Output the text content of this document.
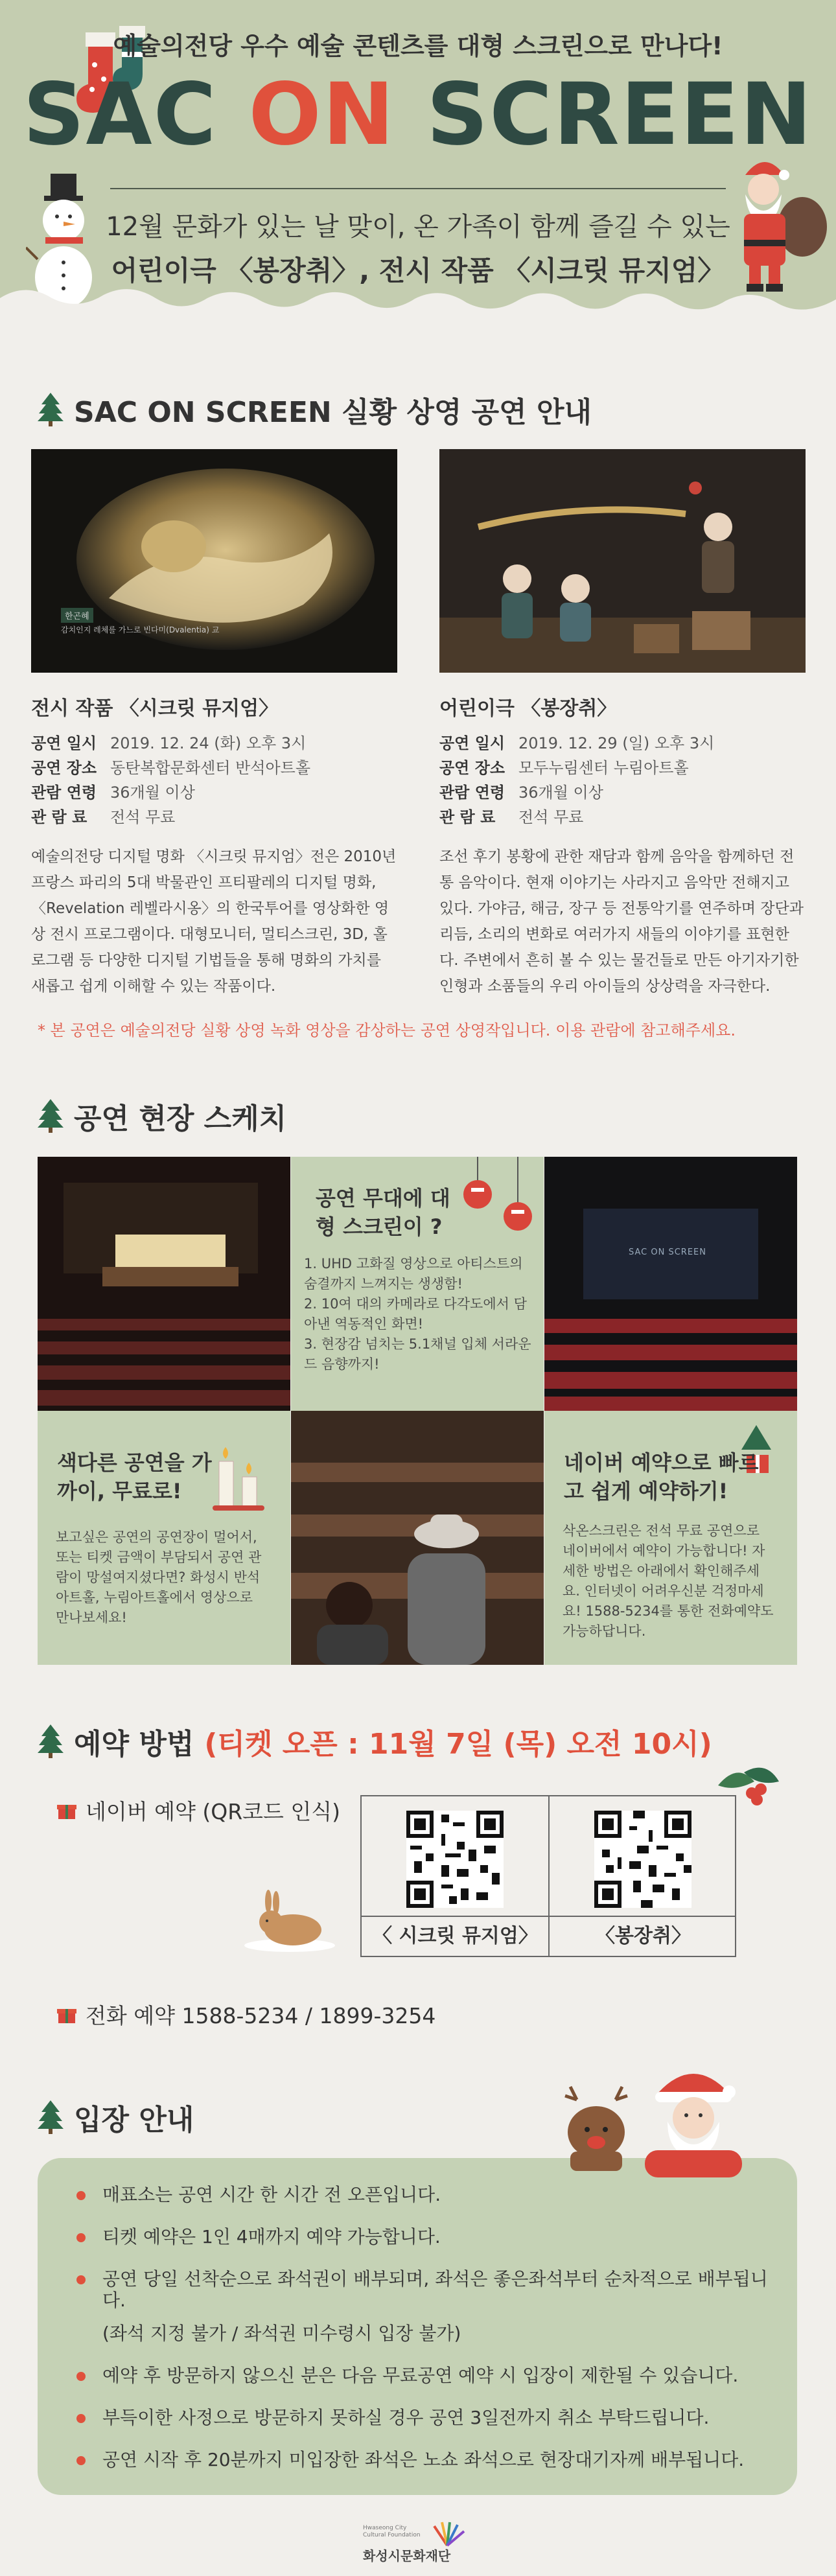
예술의전당 우수 예술 콘텐츠를 대형 스크린으로 만나다!
SAC ON SCREEN
12월 문화가 있는 날 맞이, 온 가족이 함께 즐길 수 있는
어린이극 〈봉장취〉, 전시 작품 〈시크릿 뮤지엄〉
SAC ON SCREEN 실황 상영 공연 안내
한곤혜
감치인지 레체를 가느로 빈다미(Dvalentia) 교
전시 작품 〈시크릿 뮤지엄〉
공연 일시 2019. 12. 24 (화) 오후 3시
공연 장소 동탄복합문화센터 반석아트홀
관람 연령 36개월 이상
관 람 료 전석 무료
예술의전당 디지털 명화 〈시크릿 뮤지엄〉전은 2010년 프랑스 파리의 5대 박물관인 프티팔레의 디지털 명화, 〈Revelation 레벨라시옹〉의 한국투어를 영상화한 영상 전시 프로그램이다. 대형모니터, 멀티스크린, 3D, 홀로그램 등 다양한 디지털 기법들을 통해 명화의 가치를 새롭고 쉽게 이해할 수 있는 작품이다.
어린이극 〈봉장취〉
공연 일시 2019. 12. 29 (일) 오후 3시
공연 장소 모두누림센터 누림아트홀
관람 연령 36개월 이상
관 람 료 전석 무료
조선 후기 봉황에 관한 재담과 함께 음악을 함께하던 전통 음악이다. 현재 이야기는 사라지고 음악만 전해지고 있다. 가야금, 해금, 장구 등 전통악기를 연주하며 장단과 리듬, 소리의 변화로 여러가지 새들의 이야기를 표현한다. 주변에서 흔히 볼 수 있는 물건들로 만든 아기자기한 인형과 소품들의 우리 아이들의 상상력을 자극한다.
* 본 공연은 예술의전당 실황 상영 녹화 영상을 감상하는 공연 상영작입니다. 이용 관람에 참고해주세요.
공연 현장 스케치
공연 무대에 대형 스크린이 ?
1. UHD 고화질 영상으로 아티스트의 숨결까지 느껴지는 생생함!
2. 10여 대의 카메라로 다각도에서 담아낸 역동적인 화면!
3. 현장감 넘치는 5.1채널 입체 서라운드 음향까지!
SAC ON SCREEN
색다른 공연을 가까이, 무료로!
보고싶은 공연의 공연장이 멀어서, 또는 티켓 금액이 부담되서 공연 관람이 망설여지셨다면? 화성시 반석아트홀, 누림아트홀에서 영상으로 만나보세요!
네이버 예약으로 빠르고 쉽게 예약하기!
삭온스크린은 전석 무료 공연으로 네이버에서 예약이 가능합니다! 자세한 방법은 아래에서 확인해주세요. 인터넷이 어려우신분 걱정마세요! 1588-5234를 통한 전화예약도 가능하답니다.
예약 방법 (티켓 오픈 : 11월 7일 (목) 오전 10시)
네이버 예약 (QR코드 인식)
〈 시크릿 뮤지엄〉	〈봉장취〉
전화 예약 1588-5234 / 1899-3254
입장 안내
매표소는 공연 시간 한 시간 전 오픈입니다.
티켓 예약은 1인 4매까지 예약 가능합니다.
공연 당일 선착순으로 좌석권이 배부되며, 좌석은 좋은좌석부터 순차적으로 배부됩니다.
(좌석 지정 불가 / 좌석권 미수령시 입장 불가)
예약 후 방문하지 않으신 분은 다음 무료공연 예약 시 입장이 제한될 수 있습니다.
부득이한 사정으로 방문하지 못하실 경우 공연 3일전까지 취소 부탁드립니다.
공연 시작 후 20분까지 미입장한 좌석은 노쇼 좌석으로 현장대기자께 배부됩니다.
Hwaseong City
Cultural Foundation
화성시문화재단
